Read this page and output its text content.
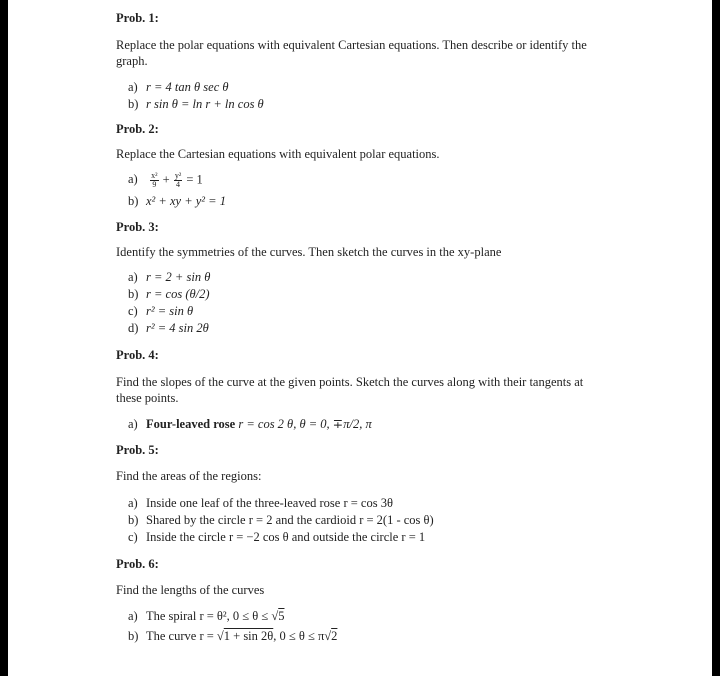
Prob. 1:
Replace the polar equations with equivalent Cartesian equations. Then describe or identify the graph.
a) r = 4 tan θ sec θ
b) r sin θ = ln r + ln cos θ
Prob. 2:
Replace the Cartesian equations with equivalent polar equations.
$a) \frac{\text{x²}}{9} + \frac{\text{y²}}{4} = 1$
b) x² + xy + y² = 1
Prob. 3:
Identify the symmetries of the curves. Then sketch the curves in the xy-plane
a) r = 2 + sin θ
b) r = cos (θ/2)
c) r² = sin θ
d) r² = 4 sin 2θ
Prob. 4:
Find the slopes of the curve at the given points. Sketch the curves along with their tangents at these points.
a) Four-leaved rose r = cos 2 θ, θ = 0, ∓π/2, π
Prob. 5:
Find the areas of the regions:
a) Inside one leaf of the three-leaved rose r = cos 3θ
b) Shared by the circle r = 2 and the cardioid r = 2(1 - cos θ)
c) Inside the circle r = −2 cos θ and outside the circle r = 1
Prob. 6:
Find the lengths of the curves
a) The spiral r = θ², 0 ≤ θ ≤ √5
b) The curve r = √1 + sin 2θ, 0 ≤ θ ≤ π√2
